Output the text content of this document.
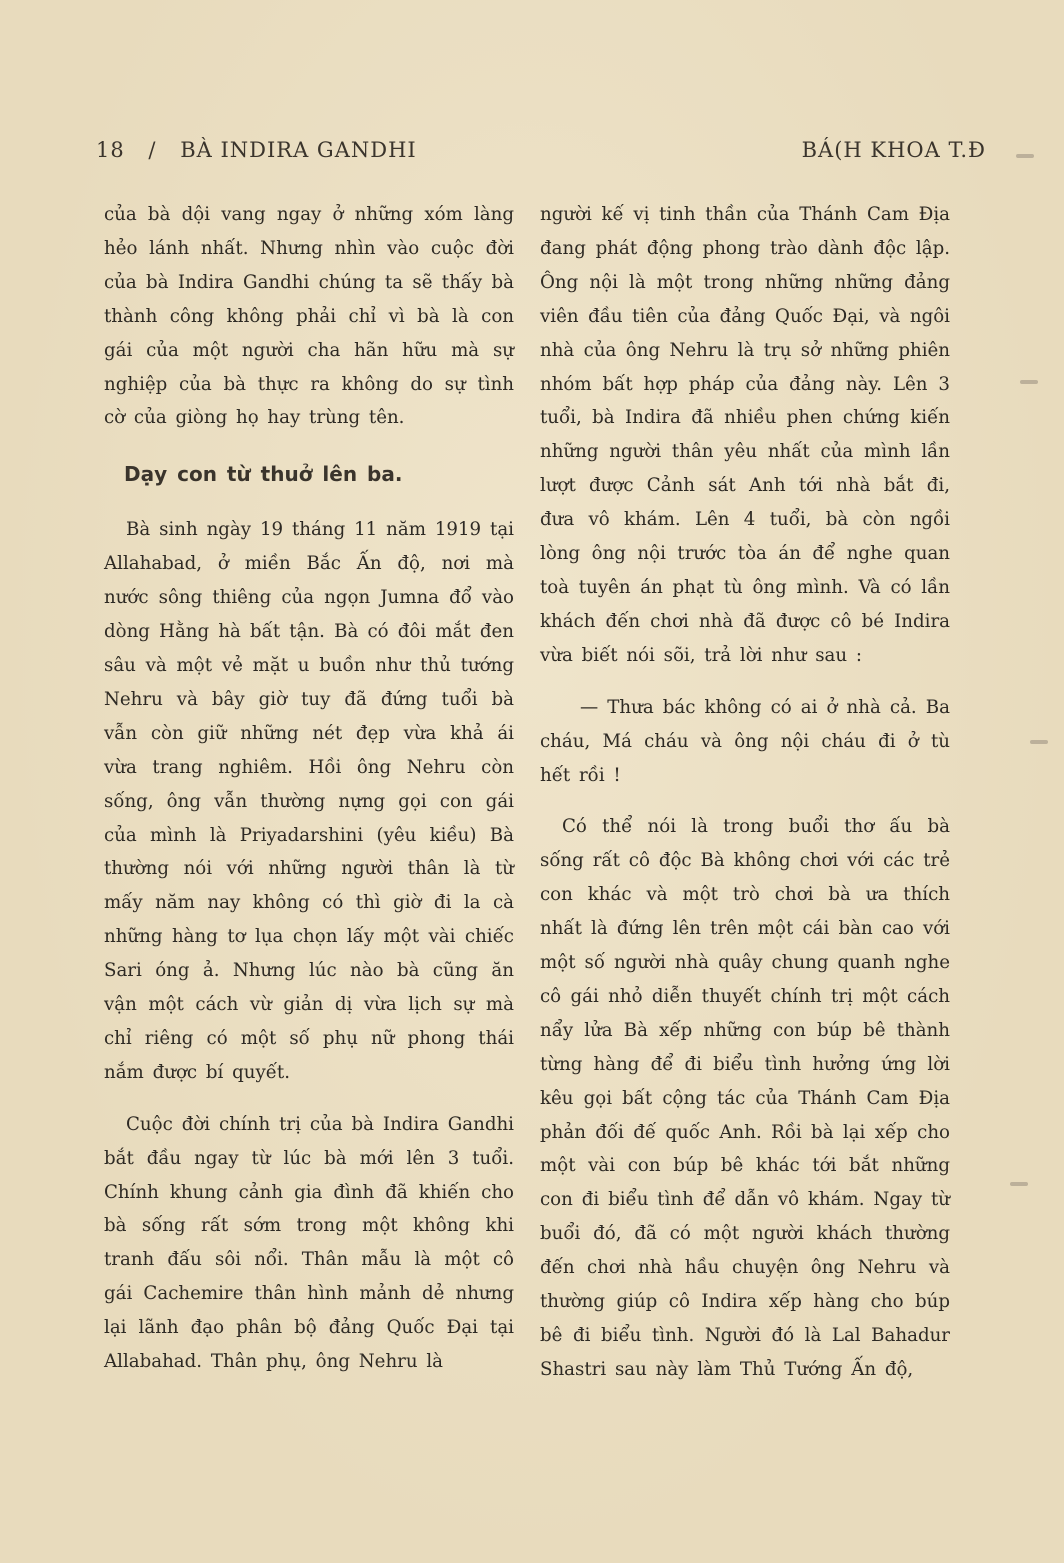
18 / BÀ INDIRA GANDHI	BÁ(H KHOA T.Đ

của bà dội vang ngay ở những xóm làng hẻo lánh nhất. Nhưng nhìn vào cuộc đời của bà Indira Gandhi chúng ta sẽ thấy bà thành công không phải chỉ vì bà là con gái của một người cha hãn hữu mà sự nghiệp của bà thực ra không do sự tình cờ của giòng họ hay trùng tên.

Dạy con từ thuở lên ba.

Bà sinh ngày 19 tháng 11 năm 1919 tại Allahabad, ở miền Bắc Ấn độ, nơi mà nước sông thiêng của ngọn Jumna đổ vào dòng Hằng hà bất tận. Bà có đôi mắt đen sâu và một vẻ mặt u buồn như thủ tướng Nehru và bây giờ tuy đã đứng tuổi bà vẫn còn giữ những nét đẹp vừa khả ái vừa trang nghiêm. Hồi ông Nehru còn sống, ông vẫn thường nựng gọi con gái của mình là Priyadarshini (yêu kiều) Bà thường nói với những người thân là từ mấy năm nay không có thì giờ đi la cà những hàng tơ lụa chọn lấy một vài chiếc Sari óng ả. Nhưng lúc nào bà cũng ăn vận một cách vừ giản dị vừa lịch sự mà chỉ riêng có một số phụ nữ phong thái nắm được bí quyết.

Cuộc đời chính trị của bà Indira Gandhi bắt đầu ngay từ lúc bà mới lên 3 tuổi. Chính khung cảnh gia đình đã khiến cho bà sống rất sớm trong một không khi tranh đấu sôi nổi. Thân mẫu là một cô gái Cachemire thân hình mảnh dẻ nhưng lại lãnh đạo phân bộ đảng Quốc Đại tại Allabahad. Thân phụ, ông Nehru là

người kế vị tinh thần của Thánh Cam Địa đang phát động phong trào dành độc lập. Ông nội là một trong những những đảng viên đầu tiên của đảng Quốc Đại, và ngôi nhà của ông Nehru là trụ sở những phiên nhóm bất hợp pháp của đảng này. Lên 3 tuổi, bà Indira đã nhiều phen chứng kiến những người thân yêu nhất của mình lần lượt được Cảnh sát Anh tới nhà bắt đi, đưa vô khám. Lên 4 tuổi, bà còn ngồi lòng ông nội trước tòa án để nghe quan toà tuyên án phạt tù ông mình. Và có lần khách đến chơi nhà đã được cô bé Indira vừa biết nói sõi, trả lời như sau :

— Thưa bác không có ai ở nhà cả. Ba cháu, Má cháu và ông nội cháu đi ở tù hết rồi !

Có thể nói là trong buổi thơ ấu bà sống rất cô độc Bà không chơi với các trẻ con khác và một trò chơi bà ưa thích nhất là đứng lên trên một cái bàn cao với một số người nhà quây chung quanh nghe cô gái nhỏ diễn thuyết chính trị một cách nẩy lửa Bà xếp những con búp bê thành từng hàng để đi biểu tình hưởng ứng lời kêu gọi bất cộng tác của Thánh Cam Địa phản đối đế quốc Anh. Rồi bà lại xếp cho một vài con búp bê khác tới bắt những con đi biểu tình để dẫn vô khám. Ngay từ buổi đó, đã có một người khách thường đến chơi nhà hầu chuyện ông Nehru và thường giúp cô Indira xếp hàng cho búp bê đi biểu tình. Người đó là Lal Bahadur Shastri sau này làm Thủ Tướng Ấn độ,
